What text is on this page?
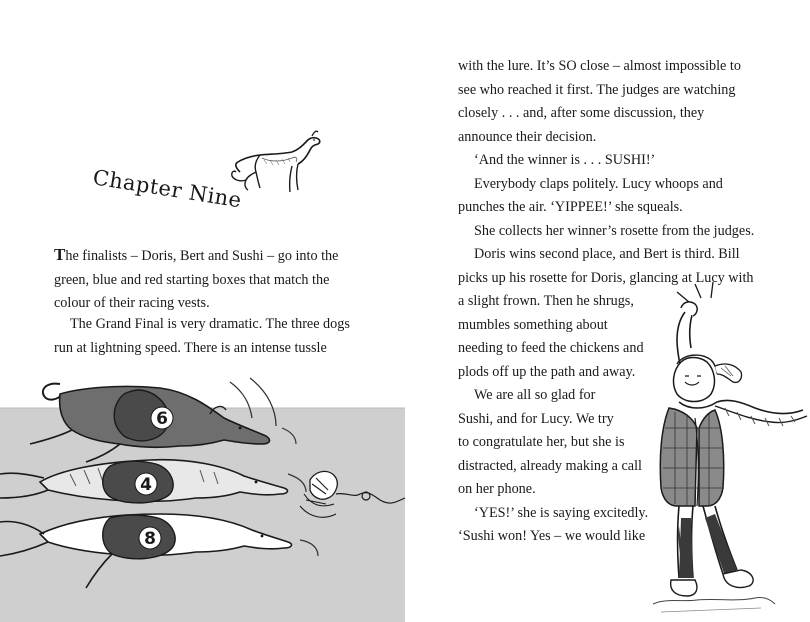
Chapter Nine
The finalists – Doris, Bert and Sushi – go into the
green, blue and red starting boxes that match the
colour of their racing vests.
The Grand Final is very dramatic. The three dogs
run at lightning speed. There is an intense tussle
6
4
8
with the lure. It’s SO close – almost impossible to
see who reached it first. The judges are watching
closely . . . and, after some discussion, they
announce their decision.
‘And the winner is . . . SUSHI!’
Everybody claps politely. Lucy whoops and
punches the air. ‘YIPPEE!’ she squeals.
She collects her winner’s rosette from the judges.
Doris wins second place, and Bert is third. Bill
picks up his rosette for Doris, glancing at Lucy with
a slight frown. Then he shrugs,
mumbles something about
needing to feed the chickens and
plods off up the path and away.
We are all so glad for
Sushi, and for Lucy. We try
to congratulate her, but she is
distracted, already making a call
on her phone.
‘YES!’ she is saying excitedly.
‘Sushi won! Yes – we would like
